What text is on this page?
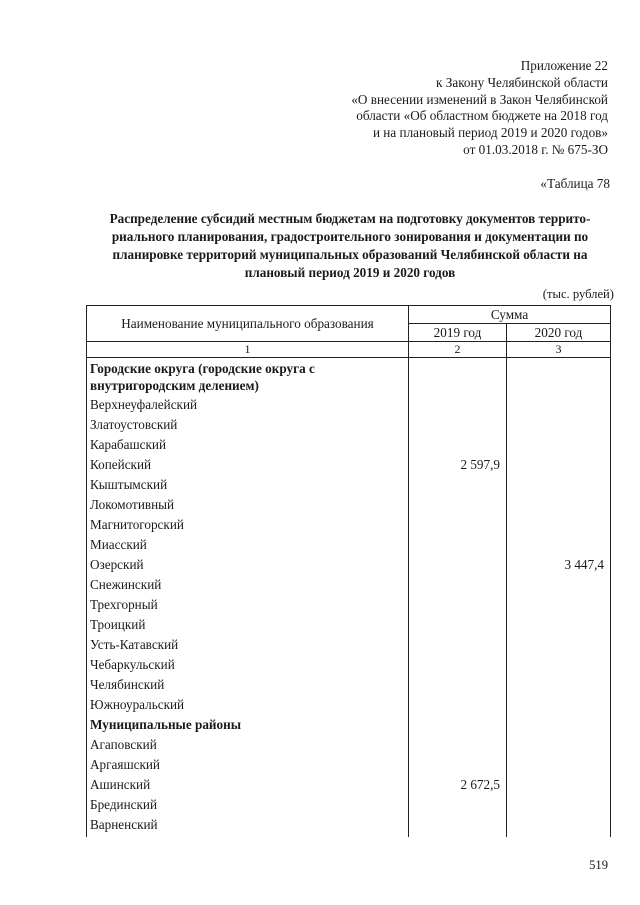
Приложение 22
к Закону Челябинской области
«О внесении изменений в Закон Челябинской
области «Об областном бюджете на 2018 год
и на плановый период 2019 и 2020 годов»
от 01.03.2018 г. № 675-ЗО
«Таблица 78
Распределение субсидий местным бюджетам на подготовку документов террито-
риального планирования, градостроительного зонирования и документации по
планировке территорий муниципальных образований Челябинской области на
плановый период 2019 и 2020 годов
(тыс. рублей)
Наименование муниципального образования	Сумма	
	2019 год	2020 год
1	2	3
Городские округа (городские округа с внутригородским делением)		
Верхнеуфалейский		
Златоустовский		
Карабашский		
Копейский	2 597,9	
Кыштымский		
Локомотивный		
Магнитогорский		
Миасский		
Озерский		3 447,4
Снежинский		
Трехгорный		
Троицкий		
Усть-Катавский		
Чебаркульский		
Челябинский		
Южноуральский		
Муниципальные районы		
Агаповский		
Аргаяшский		
Ашинский	2 672,5	
Брединский		
Варненский		
519
